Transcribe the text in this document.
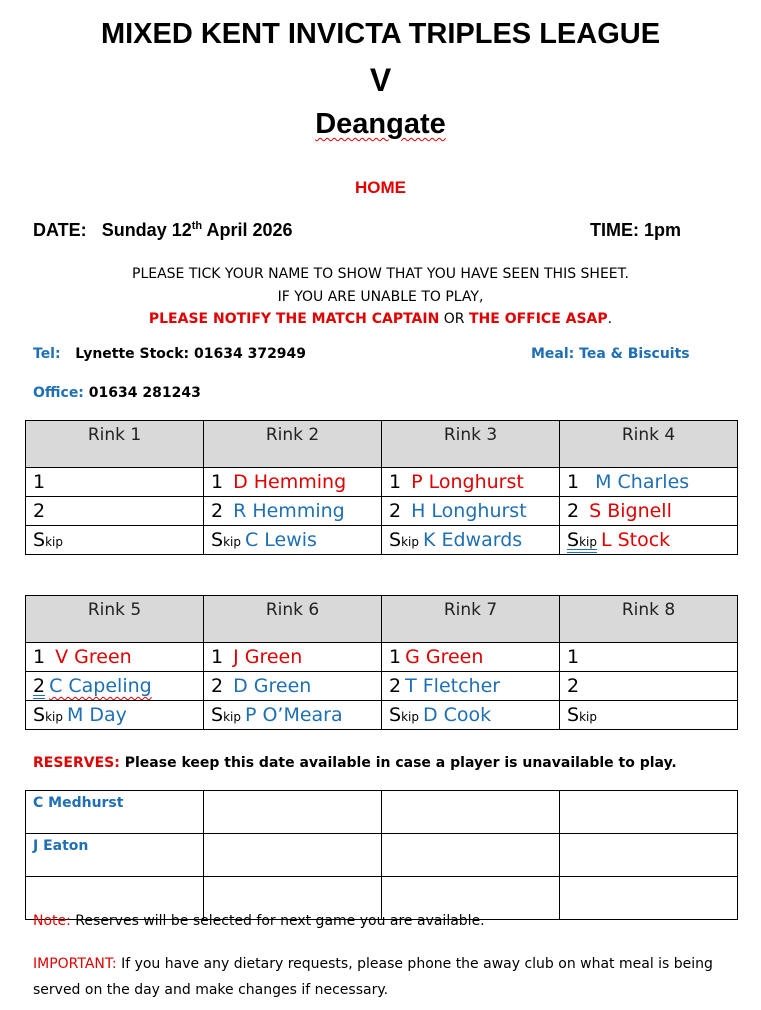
MIXED KENT INVICTA TRIPLES LEAGUE
V
Deangate
HOME
DATE: Sunday 12th April 2026	TIME: 1pm
PLEASE TICK YOUR NAME TO SHOW THAT YOU HAVE SEEN THIS SHEET.
IF YOU ARE UNABLE TO PLAY,
PLEASE NOTIFY THE MATCH CAPTAIN OR THE OFFICE ASAP.
Tel: Lynette Stock: 01634 372949	Meal: Tea & Biscuits
Office: 01634 281243
Rink 1	Rink 2	Rink 3	Rink 4
1	1 D Hemming	1 P Longhurst	1 M Charles
2	2 R Hemming	2 H Longhurst	2 S Bignell
Skip	Skip C Lewis	Skip K Edwards	Skip L Stock
Rink 5	Rink 6	Rink 7	Rink 8
1 V Green	1 J Green	1 G Green	1
2 C Capeling	2 D Green	2 T Fletcher	2
Skip M Day	Skip P O’Meara	Skip D Cook	Skip
RESERVES: Please keep this date available in case a player is unavailable to play.
C Medhurst			
J Eaton			

Note: Reserves will be selected for next game you are available.
IMPORTANT: If you have any dietary requests, please phone the away club on what meal is being served on the day and make changes if necessary.
